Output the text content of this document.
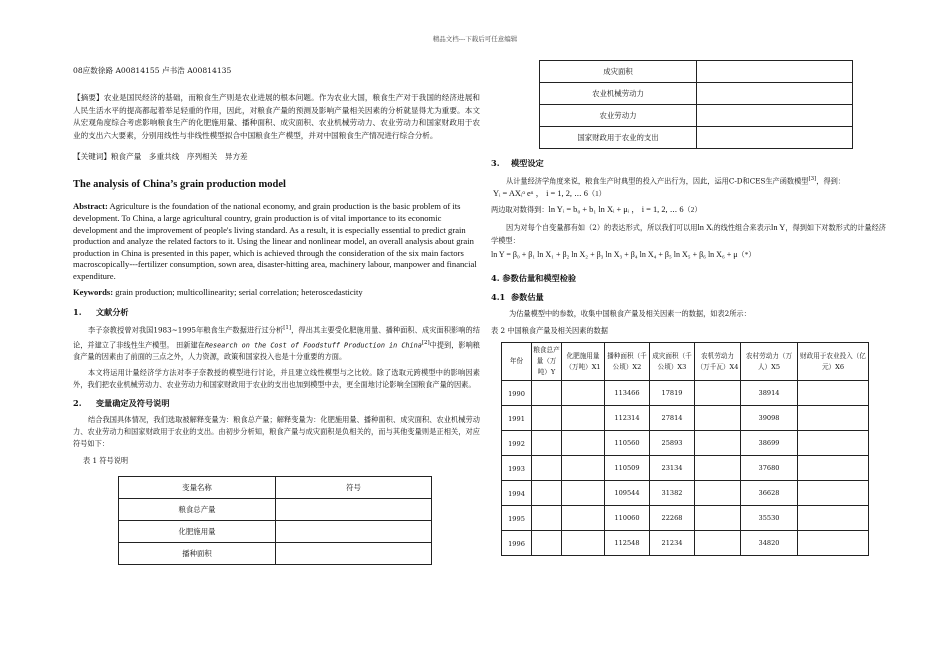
精品文档---下载后可任意编辑
08应数徐路 A00814155 卢书浩 A00814135
【摘要】农业是国民经济的基础，而粮食生产则是农业进展的根本问题。作为农业大国，粮食生产对于我国的经济进展和人民生活水平的提高都起着举足轻重的作用，因此，对粮食产量的预测及影响产量相关因素的分析就显得尤为重要。本文从宏观角度综合考虑影响粮食生产的化肥施用量、播种面积、成灾面积、农业机械劳动力、农业劳动力和国家财政用于农业的支出六大要素，分别用线性与非线性模型拟合中国粮食生产模型，并对中国粮食生产情况进行综合分析。
【关键词】粮食产量　多重共线　序列相关　异方差
The analysis of China’s grain production model
Abstract: Agriculture is the foundation of the national economy, and grain production is the basic problem of its development. To China, a large agricultural country, grain production is of vital importance to its economic development and the improvement of people's living standard. As a result, it is especially essential to predict grain production and analyze the related factors to it. Using the linear and nonlinear model, an overall analysis about grain production in China is presented in this paper, which is achieved through the consideration of the six main factors macroscopically---fertilizer consumption, sown area, disaster-hitting area, machinery labour, manpower and financial expenditure.
Keywords: grain production; multicollinearity; serial correlation; heteroscedasticity
1. 文献分析
李子奈教授曾对我国1983~1995年粮食生产数据进行过分析[1]，得出其主要受化肥施用量、播种面积、成灾面积影响的结论，并建立了非线性生产模型。 田新建在Research on the Cost of Foodstuff Production in China[2]中提到，影响粮食产量的因素由了前面的三点之外，人力资源，政策和国家投入也是十分重要的方面。
本文将运用计量经济学方法对李子奈教授的模型进行讨论，并且建立线性模型与之比较。除了选取元跨模型中的影响因素外，我们把农业机械劳动力、农业劳动力和国家财政用于农业的支出也加到模型中去，更全面地讨论影响全国粮食产量的因素。
2. 变量确定及符号说明
结合我国具体情况，我们选取被解释变量为：粮食总产量；解释变量为：化肥施用量、播种面积、成灾面积、农业机械劳动力、农业劳动力和国家财政用于农业的支出。由初步分析知，粮食产量与成灾面积是负相关的，而与其他变量则是正相关，对应符号如下：
表 1 符号说明
变量名称	符号
粮食总产量	
化肥施用量	
播种面积	
成灾面积	
农业机械劳动力	
农业劳动力	
国家财政用于农业的支出	
3. 模型设定
从计量经济学角度来说，粮食生产时典型的投入产出行为，因此，运用C-D和CES生产函数模型[3]，得到：
Yᵢ = AXᵢᵅ eᵘ ， i = 1, 2, ⋯ 6（1）
两边取对数得到：ln Yᵢ = b₀ + b₁ ln Xᵢ + μᵢ ， i = 1, 2, ⋯ 6（2）
因为对每个自变量都有如（2）的表达形式，所以我们可以用ln Xᵢ的线性组合来表示ln Y，得到如下对数形式的计量经济学模型：
ln Y = β₀ + β₁ ln X₁ + β₂ ln X₂ + β₃ ln X₃ + β₄ ln X₄ + β₅ ln X₅ + β₆ ln X₆ + μ（*）
4. 参数估量和模型检验
4.1 参数估量
为估量模型中的参数，收集中国粮食产量及相关因素一的数据，如表2所示：
表 2 中国粮食产量及相关因素的数据
年份	粮食总产量（万吨）Y	化肥施用量（万吨）X1	播种面积（千公顷）X2	成灾面积（千公顷）X3	农机劳动力（万千瓦）X4	农村劳动力（万人）X5	财政用于农业投入（亿元）X6
1990			113466	17819		38914	
1991			112314	27814		39098	
1992			110560	25893		38699	
1993			110509	23134		37680	
1994			109544	31382		36628	
1995			110060	22268		35530	
1996			112548	21234		34820	
